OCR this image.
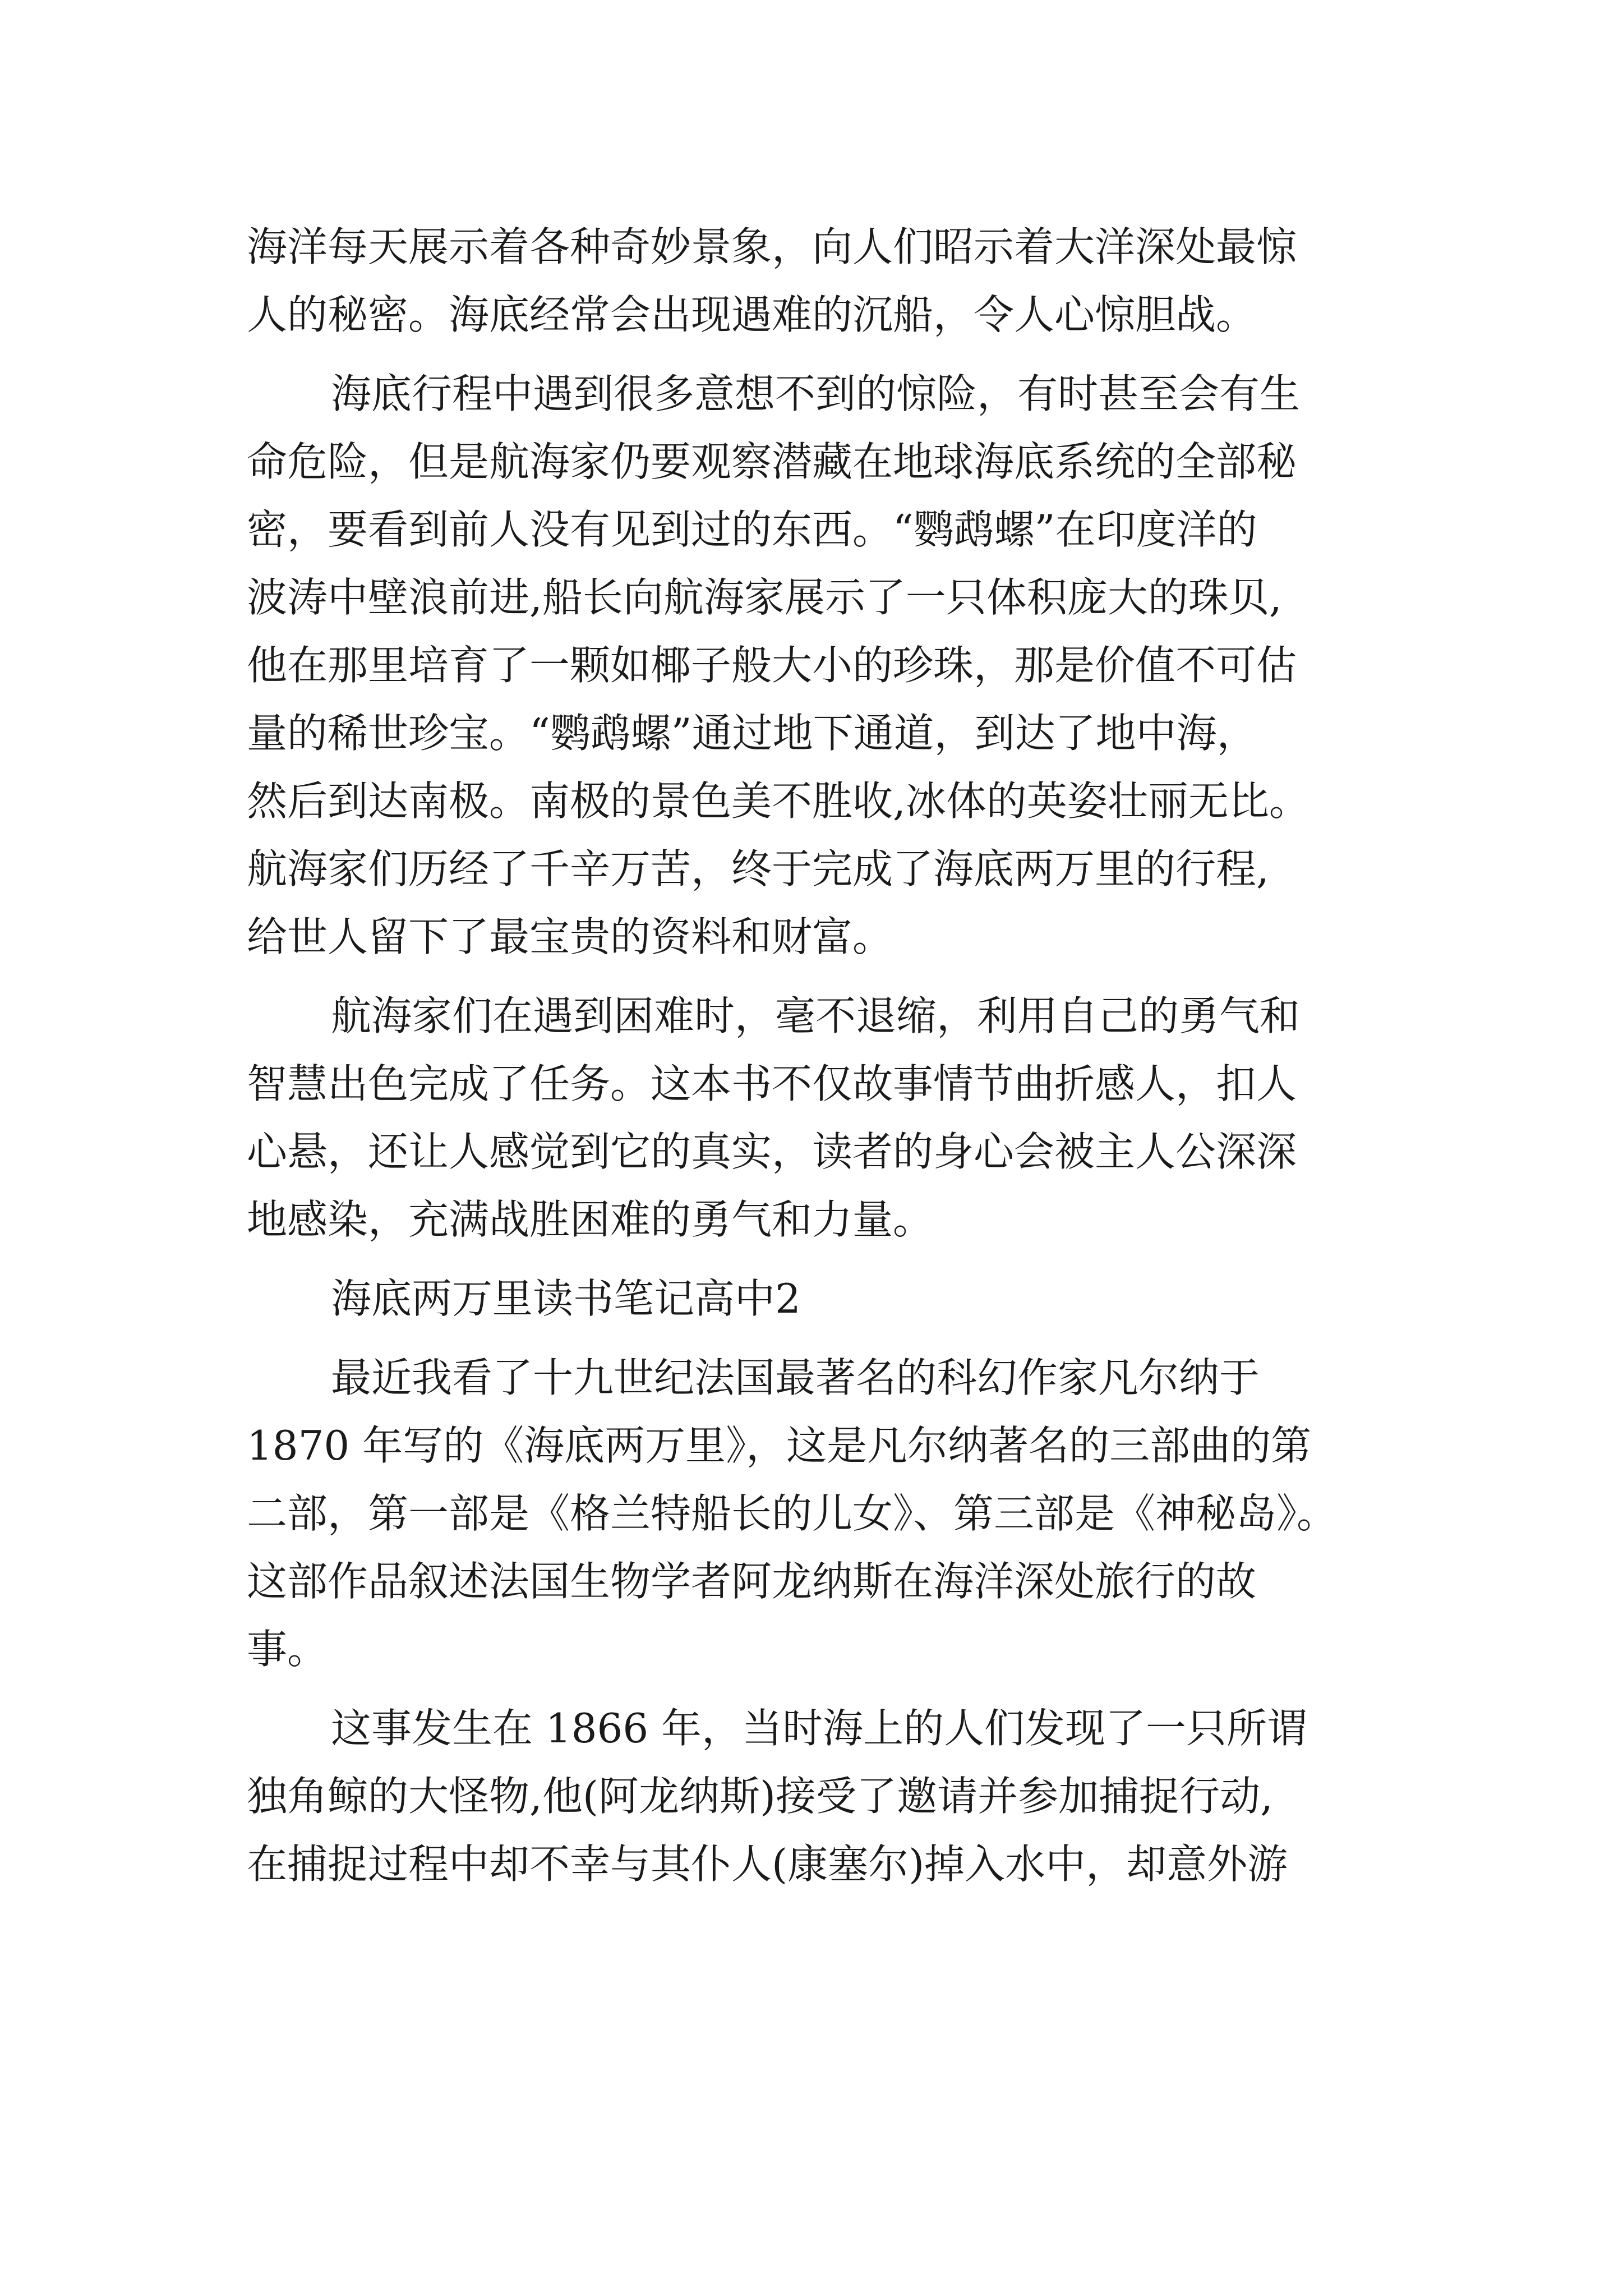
海洋每天展示着各种奇妙景象，向人们昭示着大洋深处最惊
人的秘密。海底经常会出现遇难的沉船，令人心惊胆战。
海底行程中遇到很多意想不到的惊险，有时甚至会有生
命危险，但是航海家仍要观察潜藏在地球海底系统的全部秘
密，要看到前人没有见到过的东西。“鹦鹉螺”在印度洋的
波涛中壁浪前进,船长向航海家展示了一只体积庞大的珠贝,
他在那里培育了一颗如椰子般大小的珍珠，那是价值不可估
量的稀世珍宝。“鹦鹉螺”通过地下通道，到达了地中海，
然后到达南极。南极的景色美不胜收,冰体的英姿壮丽无比。
航海家们历经了千辛万苦，终于完成了海底两万里的行程,
给世人留下了最宝贵的资料和财富。
航海家们在遇到困难时，毫不退缩，利用自己的勇气和
智慧出色完成了任务。这本书不仅故事情节曲折感人，扣人
心悬，还让人感觉到它的真实，读者的身心会被主人公深深
地感染，充满战胜困难的勇气和力量。
海底两万里读书笔记高中2
最近我看了十九世纪法国最著名的科幻作家凡尔纳于
1870 年写的《海底两万里》，这是凡尔纳著名的三部曲的第
二部，第一部是《格兰特船长的儿女》、第三部是《神秘岛》。
这部作品叙述法国生物学者阿龙纳斯在海洋深处旅行的故
事。
这事发生在 1866 年，当时海上的人们发现了一只所谓
独角鲸的大怪物,他(阿龙纳斯)接受了邀请并参加捕捉行动,
在捕捉过程中却不幸与其仆人(康塞尔)掉入水中，却意外游
